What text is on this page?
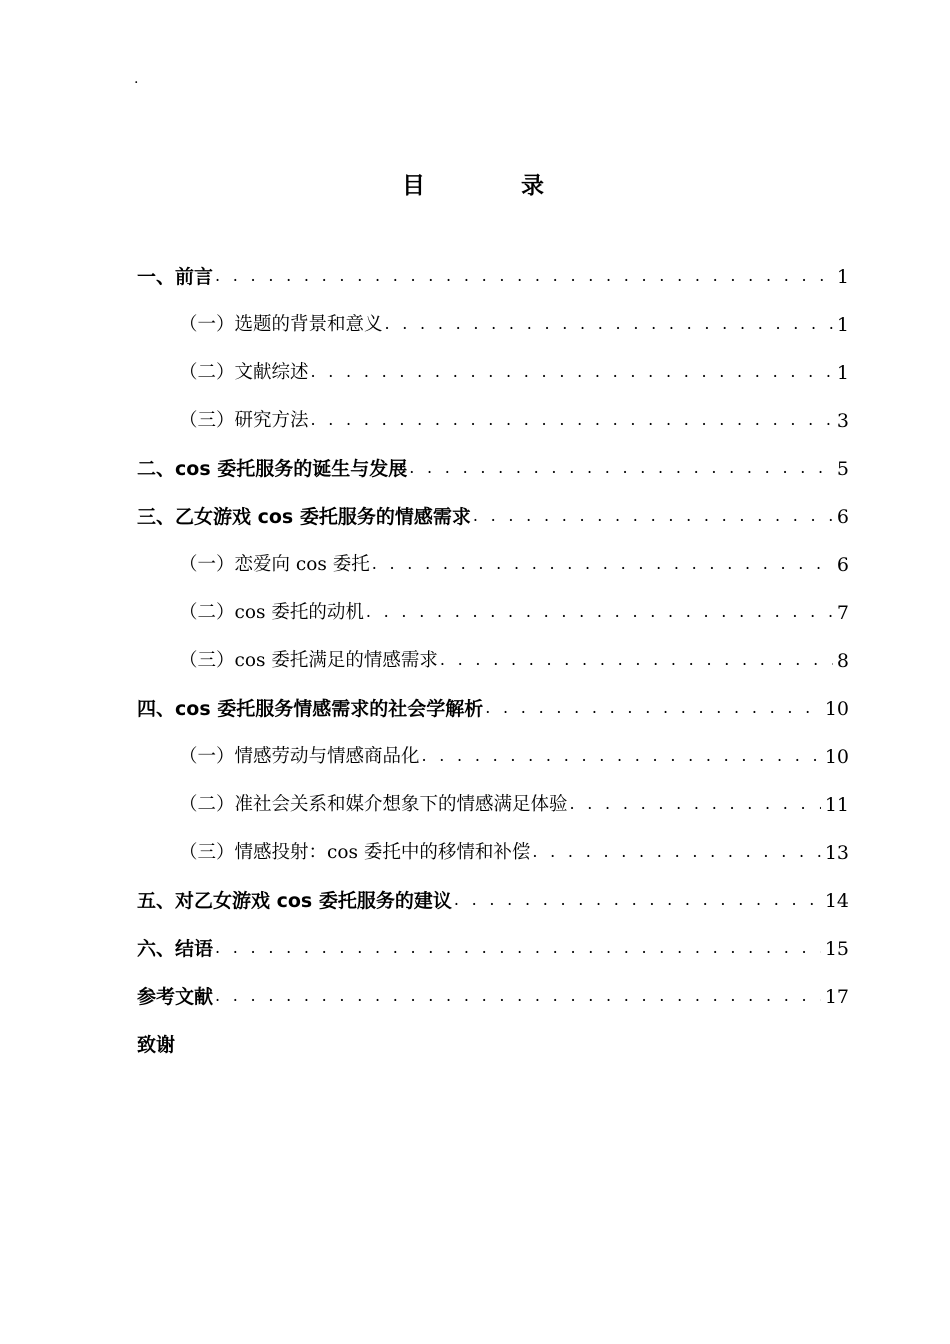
.
目 录
一、前言 . . .	1
（一）选题的背景和意义 . . .	1
（二）文献综述 . . .	1
（三）研究方法 . . .	3
二、cos 委托服务的诞生与发展 . . .	5
三、乙女游戏 cos 委托服务的情感需求 . . .	6
（一）恋爱向 cos 委托 . . .	6
（二）cos 委托的动机 . . .	7
（三）cos 委托满足的情感需求 . . .	8
四、cos 委托服务情感需求的社会学解析 . . .	10
（一）情感劳动与情感商品化 . . .	10
（二）准社会关系和媒介想象下的情感满足体验 . . .	11
（三）情感投射：cos 委托中的移情和补偿 . . .	13
五、对乙女游戏 cos 委托服务的建议 . . .	14
六、结语 . . .	15
参考文献 . . .	17
致谢
